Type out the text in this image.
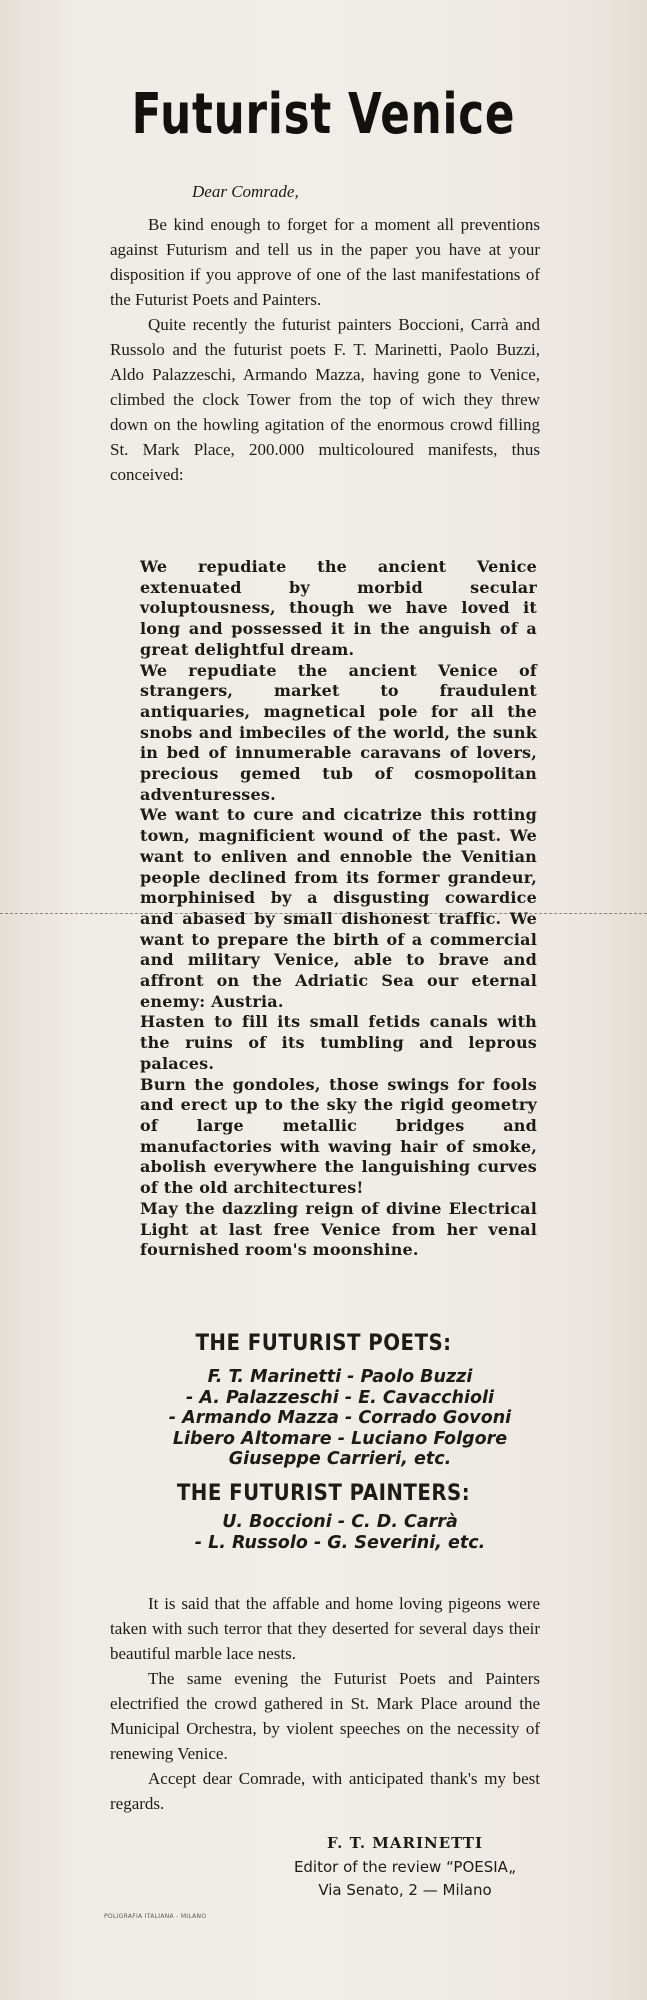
Futurist Venice
Dear Comrade,

Be kind enough to forget for a moment all preventions against Futurism and tell us in the paper you have at your disposition if you approve of one of the last manifestations of the Futurist Poets and Painters.

Quite recently the futurist painters Boccioni, Carrà and Russolo and the futurist poets F. T. Marinetti, Paolo Buzzi, Aldo Palazzeschi, Armando Mazza, having gone to Venice, climbed the clock Tower from the top of wich they threw down on the howling agitation of the enormous crowd filling St. Mark Place, 200.000 multicoloured manifests, thus conceived:

We repudiate the ancient Venice extenuated by morbid secular voluptousness, though we have loved it long and possessed it in the anguish of a great delightful dream.

We repudiate the ancient Venice of strangers, market to fraudulent antiquaries, magnetical pole for all the snobs and imbeciles of the world, the sunk in bed of innumerable caravans of lovers, precious gemed tub of cosmopolitan adventuresses.

We want to cure and cicatrize this rotting town, magnificient wound of the past. We want to enliven and ennoble the Venitian people declined from its former grandeur, morphinised by a disgusting cowardice and abased by small dishonest traffic. We want to prepare the birth of a commercial and military Venice, able to brave and affront on the Adriatic Sea our eternal enemy: Austria.

Hasten to fill its small fetids canals with the ruins of its tumbling and leprous palaces.

Burn the gondoles, those swings for fools and erect up to the sky the rigid geometry of large metallic bridges and manufactories with waving hair of smoke, abolish everywhere the languishing curves of the old architectures!

May the dazzling reign of divine Electrical Light at last free Venice from her venal fournished room's moonshine.

THE FUTURIST POETS:
F. T. Marinetti - Paolo Buzzi
- A. Palazzeschi - E. Cavacchioli
- Armando Mazza - Corrado Govoni
Libero Altomare - Luciano Folgore
Giuseppe Carrieri, etc.
THE FUTURIST PAINTERS:
U. Boccioni - C. D. Carrà
- L. Russolo - G. Severini, etc.

It is said that the affable and home loving pigeons were taken with such terror that they deserted for several days their beautiful marble lace nests.

The same evening the Futurist Poets and Painters electrified the crowd gathered in St. Mark Place around the Municipal Orchestra, by violent speeches on the necessity of renewing Venice.

Accept dear Comrade, with anticipated thank's my best regards.

F. T. MARINETTI
Editor of the review “POESIA„
Via Senato, 2 — Milano
POLIGRAFIA ITALIANA - MILANO
